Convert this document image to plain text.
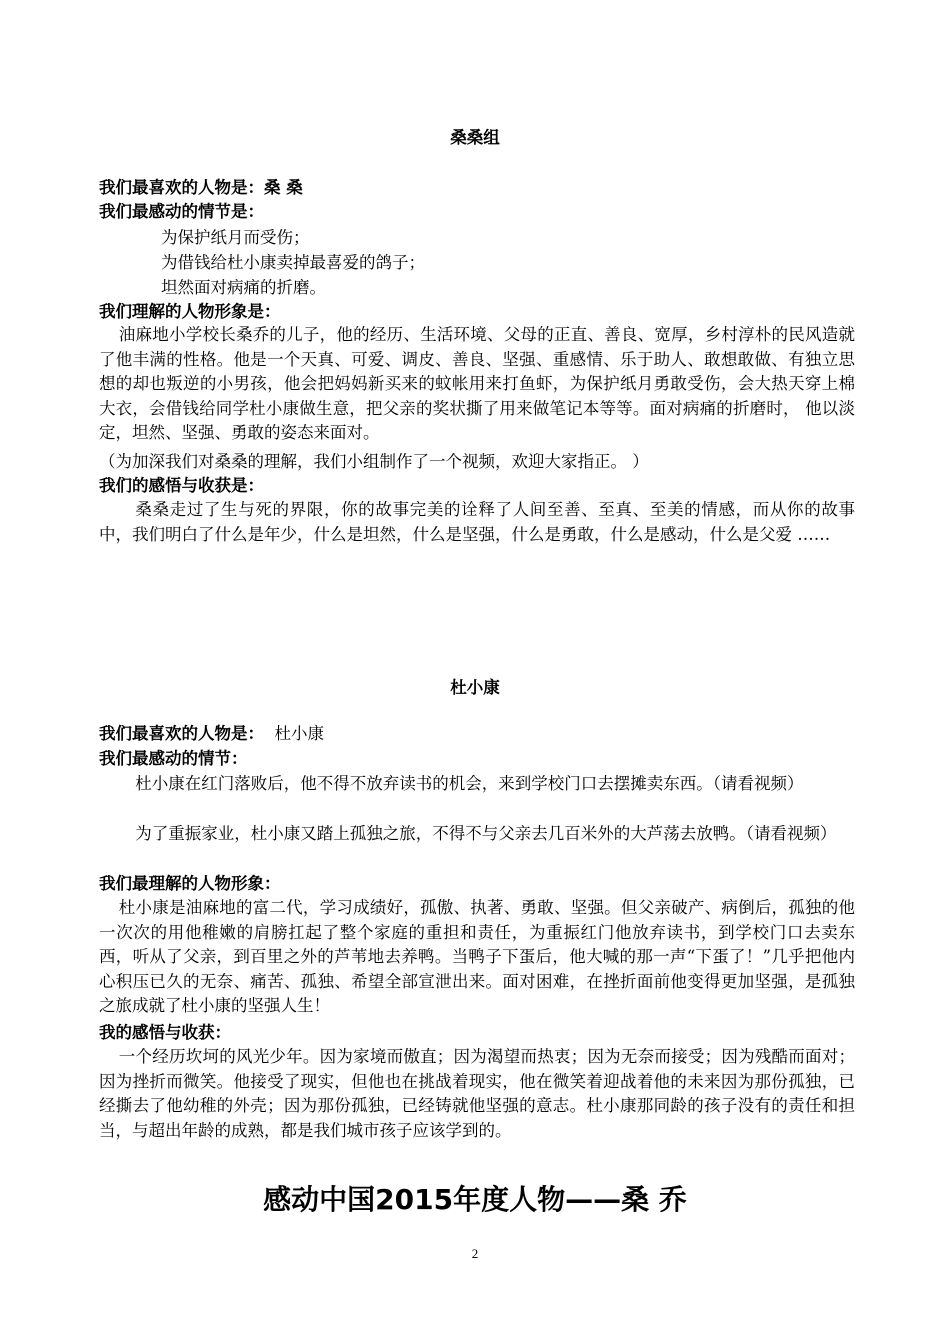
桑桑组
我们最喜欢的人物是：桑 桑
我们最感动的情节是：
为保护纸月而受伤；
为借钱给杜小康卖掉最喜爱的鸽子；
坦然面对病痛的折磨。
我们理解的人物形象是：
油麻地小学校长桑乔的儿子，他的经历、生活环境、父母的正直、善良、宽厚，乡村淳朴的民风造就了他丰满的性格。他是一个天真、可爱、调皮、善良、坚强、重感情、乐于助人、敢想敢做、有独立思想的却也叛逆的小男孩，他会把妈妈新买来的蚊帐用来打鱼虾，为保护纸月勇敢受伤，会大热天穿上棉大衣，会借钱给同学杜小康做生意，把父亲的奖状撕了用来做笔记本等等。面对病痛的折磨时， 他以淡定，坦然、坚强、勇敢的姿态来面对。
（为加深我们对桑桑的理解，我们小组制作了一个视频，欢迎大家指正。 ）
我们的感悟与收获是：
桑桑走过了生与死的界限，你的故事完美的诠释了人间至善、至真、至美的情感，而从你的故事中，我们明白了什么是年少，什么是坦然，什么是坚强，什么是勇敢，什么是感动，什么是父爱 ……
杜小康
我们最喜欢的人物是： 杜小康
我们最感动的情节：
杜小康在红门落败后，他不得不放弃读书的机会，来到学校门口去摆摊卖东西。（请看视频）
为了重振家业，杜小康又踏上孤独之旅，不得不与父亲去几百米外的大芦荡去放鸭。（请看视频）
我们最理解的人物形象：
杜小康是油麻地的富二代，学习成绩好，孤傲、执著、勇敢、坚强。但父亲破产、病倒后，孤独的他一次次的用他稚嫩的肩膀扛起了整个家庭的重担和责任，为重振红门他放弃读书，到学校门口去卖东西，听从了父亲，到百里之外的芦苇地去养鸭。当鸭子下蛋后，他大喊的那一声“下蛋了！”几乎把他内心积压已久的无奈、痛苦、孤独、希望全部宣泄出来。面对困难，在挫折面前他变得更加坚强，是孤独之旅成就了杜小康的坚强人生！
我的感悟与收获：
一个经历坎坷的风光少年。因为家境而傲直；因为渴望而热衷；因为无奈而接受；因为残酷而面对；因为挫折而微笑。他接受了现实，但他也在挑战着现实，他在微笑着迎战着他的未来因为那份孤独，已经撕去了他幼稚的外壳；因为那份孤独，已经铸就他坚强的意志。杜小康那同龄的孩子没有的责任和担当，与超出年龄的成熟，都是我们城市孩子应该学到的。
感动中国2015年度人物——桑 乔
2
